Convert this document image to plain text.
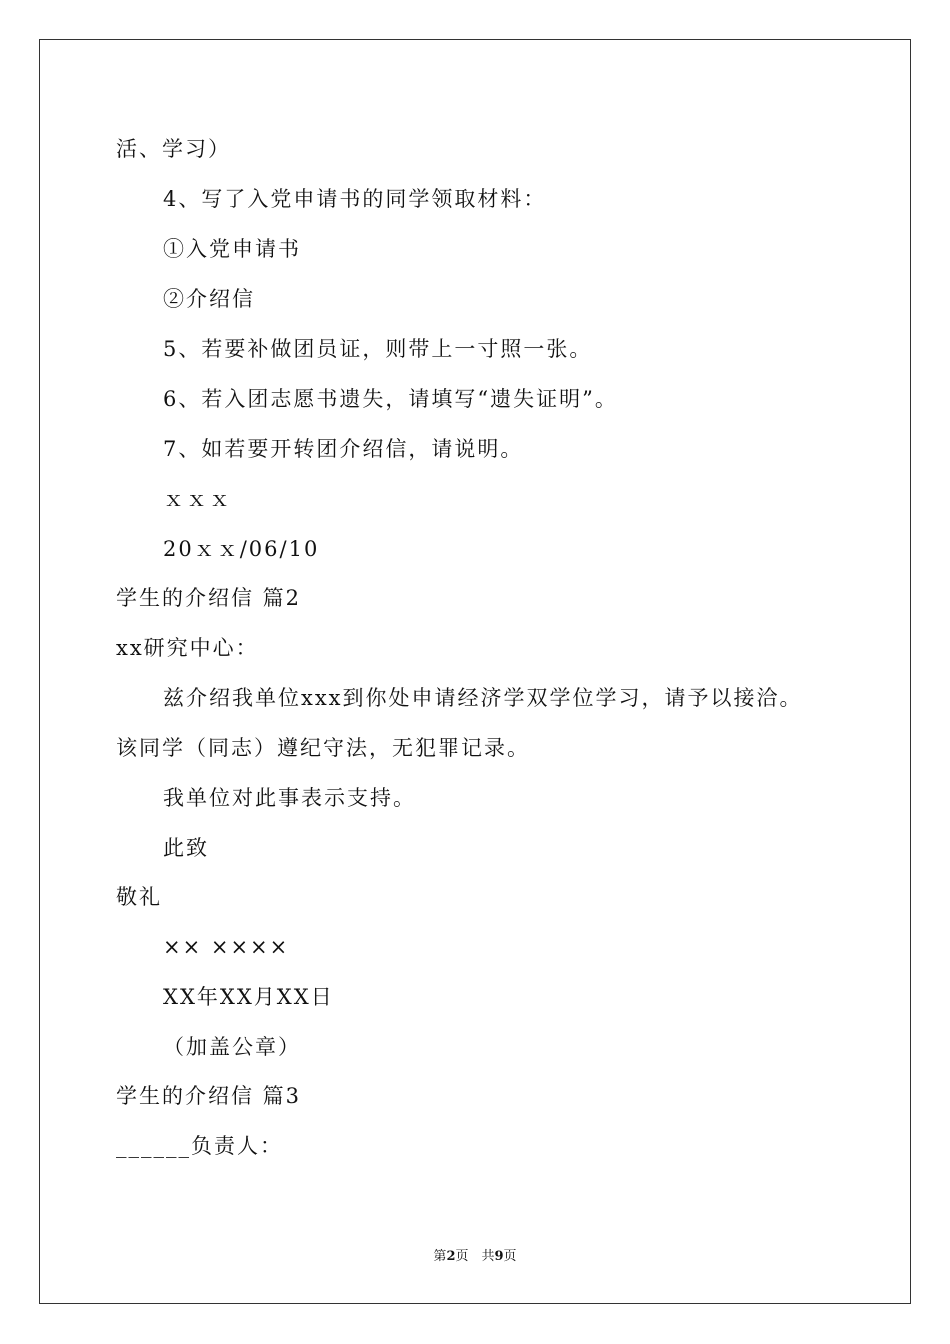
活、学习）
4、写了入党申请书的同学领取材料：
①入党申请书
②介绍信
5、若要补做团员证，则带上一寸照一张。
6、若入团志愿书遗失，请填写“遗失证明”。
7、如若要开转团介绍信，请说明。
ｘｘｘ
20ｘｘ/06/10
学生的介绍信 篇2
xx研究中心：
兹介绍我单位xxx到你处申请经济学双学位学习，请予以接洽。
该同学（同志）遵纪守法，无犯罪记录。
我单位对此事表示支持。
此致
敬礼
×× ××××
XX年XX月XX日
（加盖公章）
学生的介绍信 篇3
______负责人：
第2页　共9页
